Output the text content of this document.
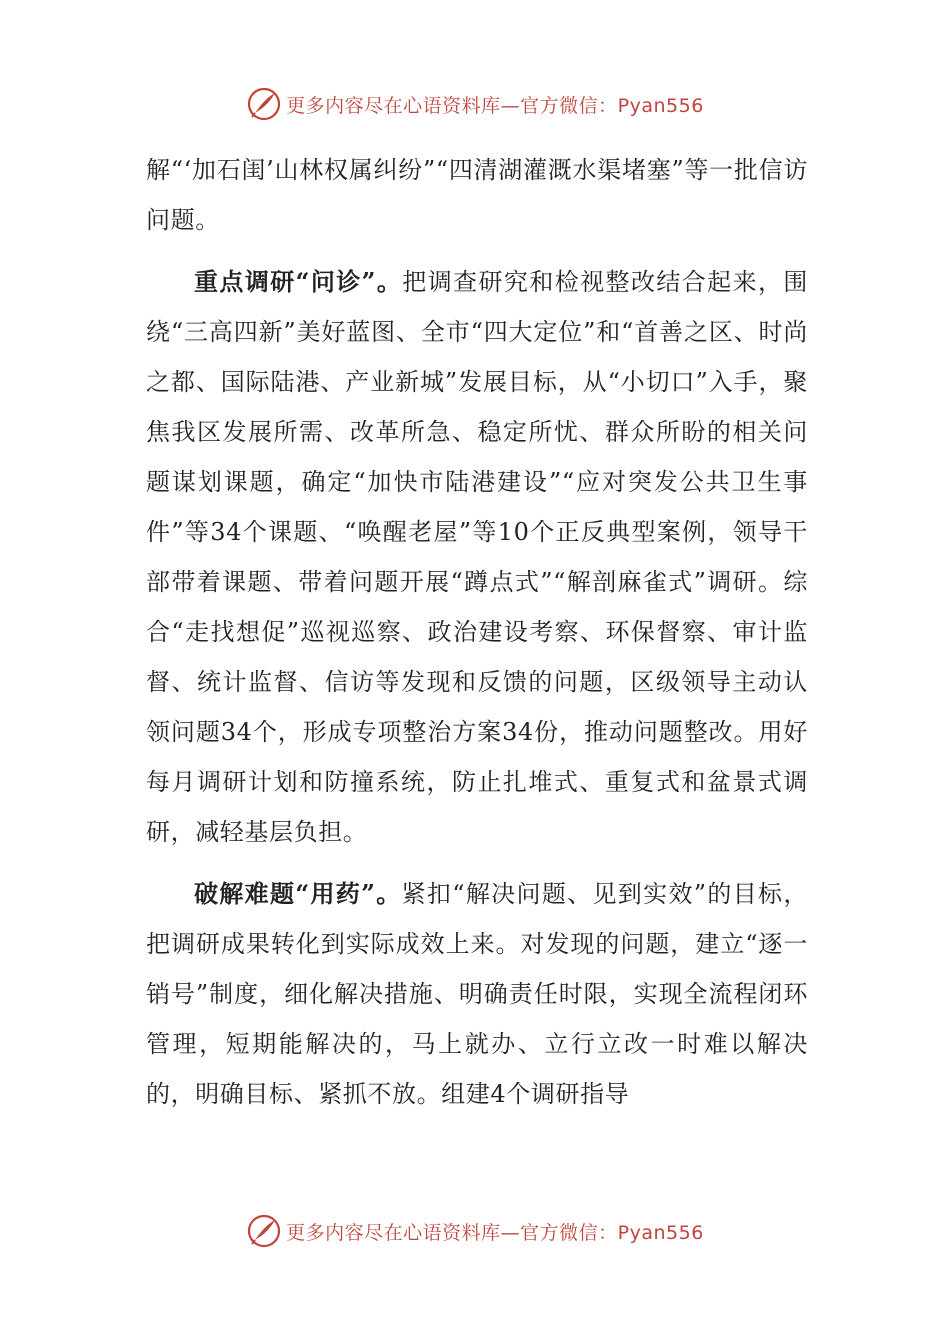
更多内容尽在心语资料库—官方微信：Pyan556

解“‘加石闺’山林权属纠纷”“四清湖灌溉水渠堵塞”等一批信访问题。

重点调研“问诊”。把调查研究和检视整改结合起来，围绕“三高四新”美好蓝图、全市“四大定位”和“首善之区、时尚之都、国际陆港、产业新城”发展目标，从“小切口”入手，聚焦我区发展所需、改革所急、稳定所忧、群众所盼的相关问题谋划课题，确定“加快市陆港建设”“应对突发公共卫生事件”等34个课题、“唤醒老屋”等10个正反典型案例，领导干部带着课题、带着问题开展“蹲点式”“解剖麻雀式”调研。综合“走找想促”巡视巡察、政治建设考察、环保督察、审计监督、统计监督、信访等发现和反馈的问题，区级领导主动认领问题34个，形成专项整治方案34份，推动问题整改。用好每月调研计划和防撞系统，防止扎堆式、重复式和盆景式调研，减轻基层负担。

破解难题“用药”。紧扣“解决问题、见到实效”的目标，把调研成果转化到实际成效上来。对发现的问题，建立“逐一销号”制度，细化解决措施、明确责任时限，实现全流程闭环管理，短期能解决的，马上就办、立行立改一时难以解决的，明确目标、紧抓不放。组建4个调研指导

更多内容尽在心语资料库—官方微信：Pyan556
